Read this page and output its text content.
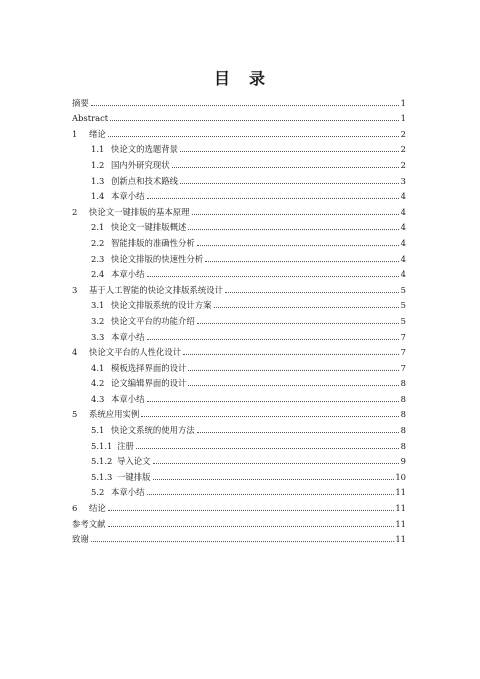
目 录
摘要	1
Abstract	1
1	绪论	2
1.1 快论文的选题背景	2
1.2 国内外研究现状	2
1.3 创新点和技术路线	3
1.4 本章小结	4
2	快论文一键排版的基本原理	4
2.1 快论文一键排版概述	4
2.2 智能排版的准确性分析	4
2.3 快论文排版的快速性分析	4
2.4 本章小结	4
3	基于人工智能的快论文排版系统设计	5
3.1 快论文排版系统的设计方案	5
3.2 快论文平台的功能介绍	5
3.3 本章小结	7
4	快论文平台的人性化设计	7
4.1 模板选择界面的设计	7
4.2 论文编辑界面的设计	8
4.3 本章小结	8
5	系统应用实例	8
5.1 快论文系统的使用方法	8
5.1.1 注册	8
5.1.2 导入论文	9
5.1.3 一键排版	10
5.2 本章小结	11
6	结论	11
参考文献	11
致谢	11
